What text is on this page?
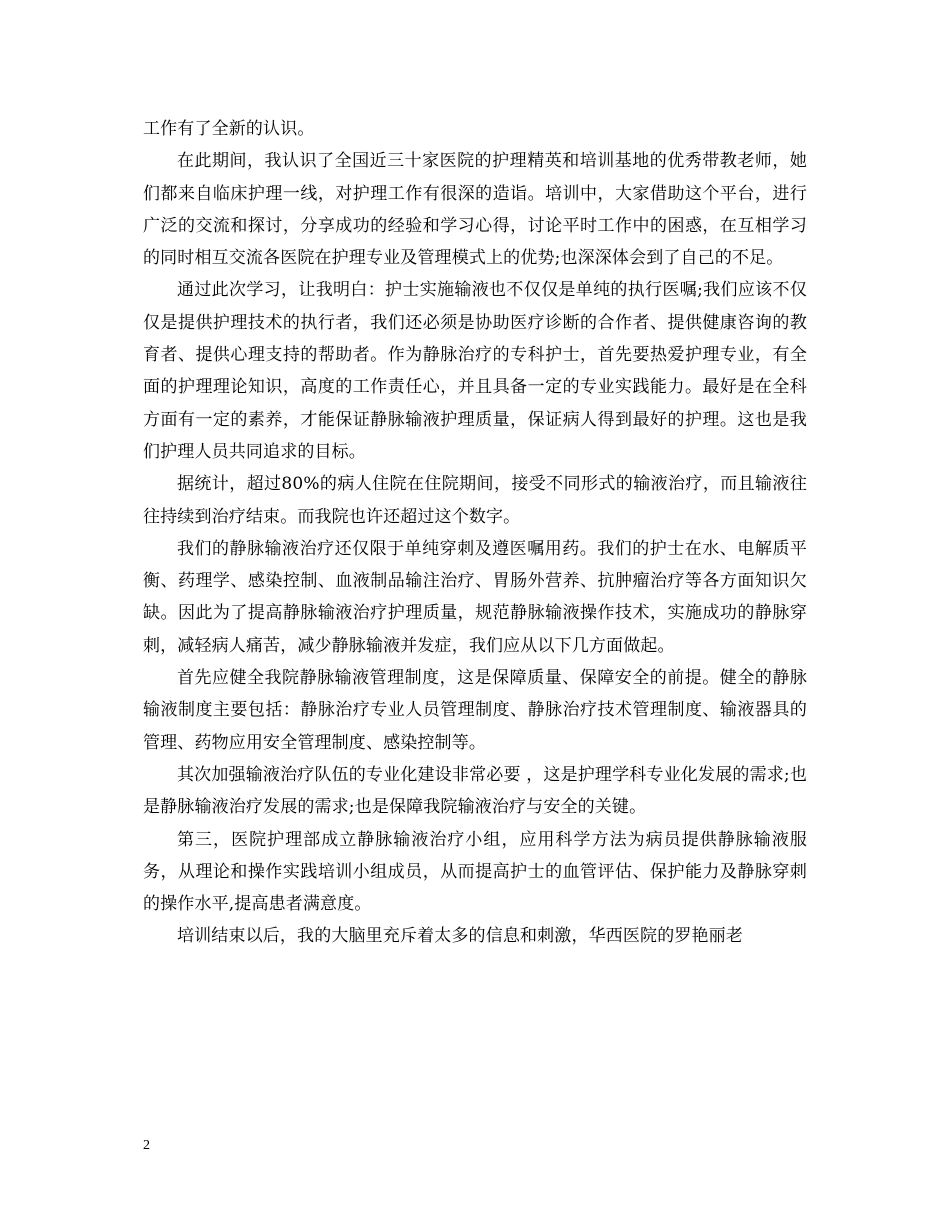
工作有了全新的认识。

在此期间，我认识了全国近三十家医院的护理精英和培训基地的优秀带教老师，她们都来自临床护理一线，对护理工作有很深的造诣。培训中，大家借助这个平台，进行广泛的交流和探讨，分享成功的经验和学习心得，讨论平时工作中的困惑，在互相学习的同时相互交流各医院在护理专业及管理模式上的优势;也深深体会到了自己的不足。

通过此次学习，让我明白：护士实施输液也不仅仅是单纯的执行医嘱;我们应该不仅仅是提供护理技术的执行者，我们还必须是协助医疗诊断的合作者、提供健康咨询的教育者、提供心理支持的帮助者。作为静脉治疗的专科护士，首先要热爱护理专业，有全面的护理理论知识，高度的工作责任心，并且具备一定的专业实践能力。最好是在全科方面有一定的素养，才能保证静脉输液护理质量，保证病人得到最好的护理。这也是我们护理人员共同追求的目标。

据统计，超过80%的病人住院在住院期间，接受不同形式的输液治疗，而且输液往往持续到治疗结束。而我院也许还超过这个数字。

我们的静脉输液治疗还仅限于单纯穿刺及遵医嘱用药。我们的护士在水、电解质平衡、药理学、感染控制、血液制品输注治疗、胃肠外营养、抗肿瘤治疗等各方面知识欠缺。因此为了提高静脉输液治疗护理质量，规范静脉输液操作技术，实施成功的静脉穿刺，减轻病人痛苦，减少静脉输液并发症，我们应从以下几方面做起。

首先应健全我院静脉输液管理制度，这是保障质量、保障安全的前提。健全的静脉输液制度主要包括：静脉治疗专业人员管理制度、静脉治疗技术管理制度、输液器具的管理、药物应用安全管理制度、感染控制等。

其次加强输液治疗队伍的专业化建设非常必要 ，这是护理学科专业化发展的需求;也是静脉输液治疗发展的需求;也是保障我院输液治疗与安全的关键。

第三，医院护理部成立静脉输液治疗小组，应用科学方法为病员提供静脉输液服务，从理论和操作实践培训小组成员，从而提高护士的血管评估、保护能力及静脉穿刺的操作水平,提高患者满意度。

培训结束以后，我的大脑里充斥着太多的信息和刺激，华西医院的罗艳丽老

2
